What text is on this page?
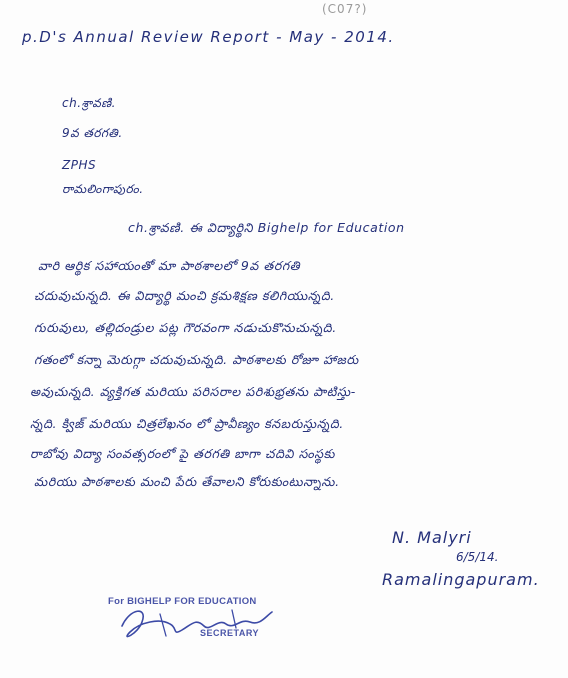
(C07?)
p.D's Annual Review Report - May - 2014.
ch.శ్రావణి.
9వ తరగతి.
ZPHS
రామలింగాపురం.
ch.శ్రావణి. ఈ విద్యార్థిని Bighelp for Education
వారి ఆర్థిక సహాయంతో మా పాఠశాలలో 9వ తరగతి
చదువుచున్నది. ఈ విద్యార్థి మంచి క్రమశిక్షణ కలిగియున్నది.
గురువులు, తల్లిదండ్రుల పట్ల గౌరవంగా నడుచుకొనుచున్నది.
గతంలో కన్నా మెరుగ్గా చదువుచున్నది. పాఠశాలకు రోజూ హాజరు
అవుచున్నది. వ్యక్తిగత మరియు పరిసరాల పరిశుభ్రతను పాటిస్తు-
న్నది. క్విజ్ మరియు చిత్రలేఖనం లో ప్రావీణ్యం కనబరుస్తున్నది.
రాబోవు విద్యా సంవత్సరంలో పై తరగతి బాగా చదివి సంస్థకు
మరియు పాఠశాలకు మంచి పేరు తేవాలని కోరుకుంటున్నాను.
N. Malyri
6/5/14.
Ramalingapuram.
For BIGHELP FOR EDUCATION
SECRETARY
